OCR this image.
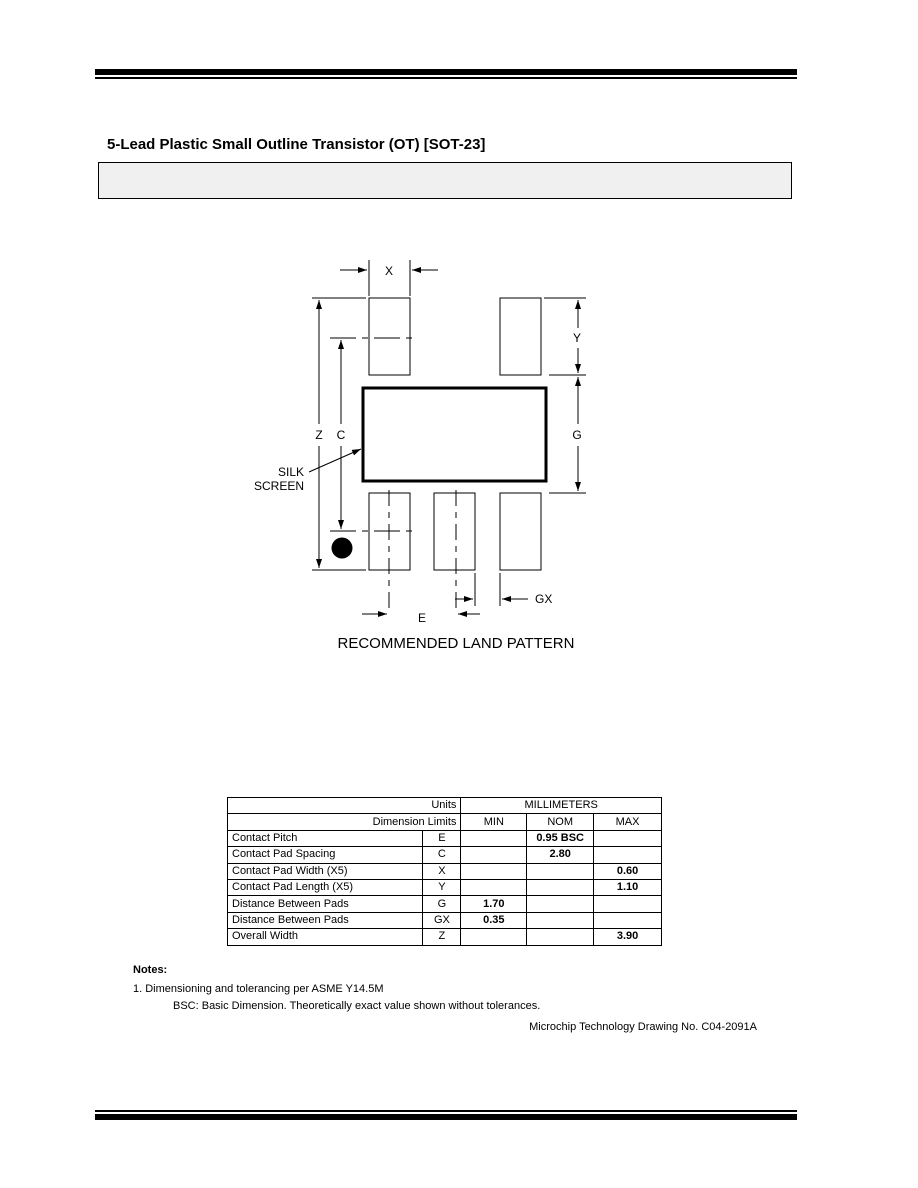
5-Lead Plastic Small Outline Transistor (OT) [SOT-23]
X
Y
Z C	G
GX
E
SILK
SCREEN
RECOMMENDED LAND PATTERN
Units		MILLIMETERS		
Dimension Limits		MIN	NOM	MAX
Contact Pitch	E		0.95 BSC	
Contact Pad Spacing	C		2.80	
Contact Pad Width (X5)	X			0.60
Contact Pad Length (X5)	Y			1.10
Distance Between Pads	G	1.70		
Distance Between Pads	GX	0.35		
Overall Width	Z			3.90
Notes:
1. Dimensioning and tolerancing per ASME Y14.5M
BSC: Basic Dimension. Theoretically exact value shown without tolerances.
Microchip Technology Drawing No. C04-2091A
